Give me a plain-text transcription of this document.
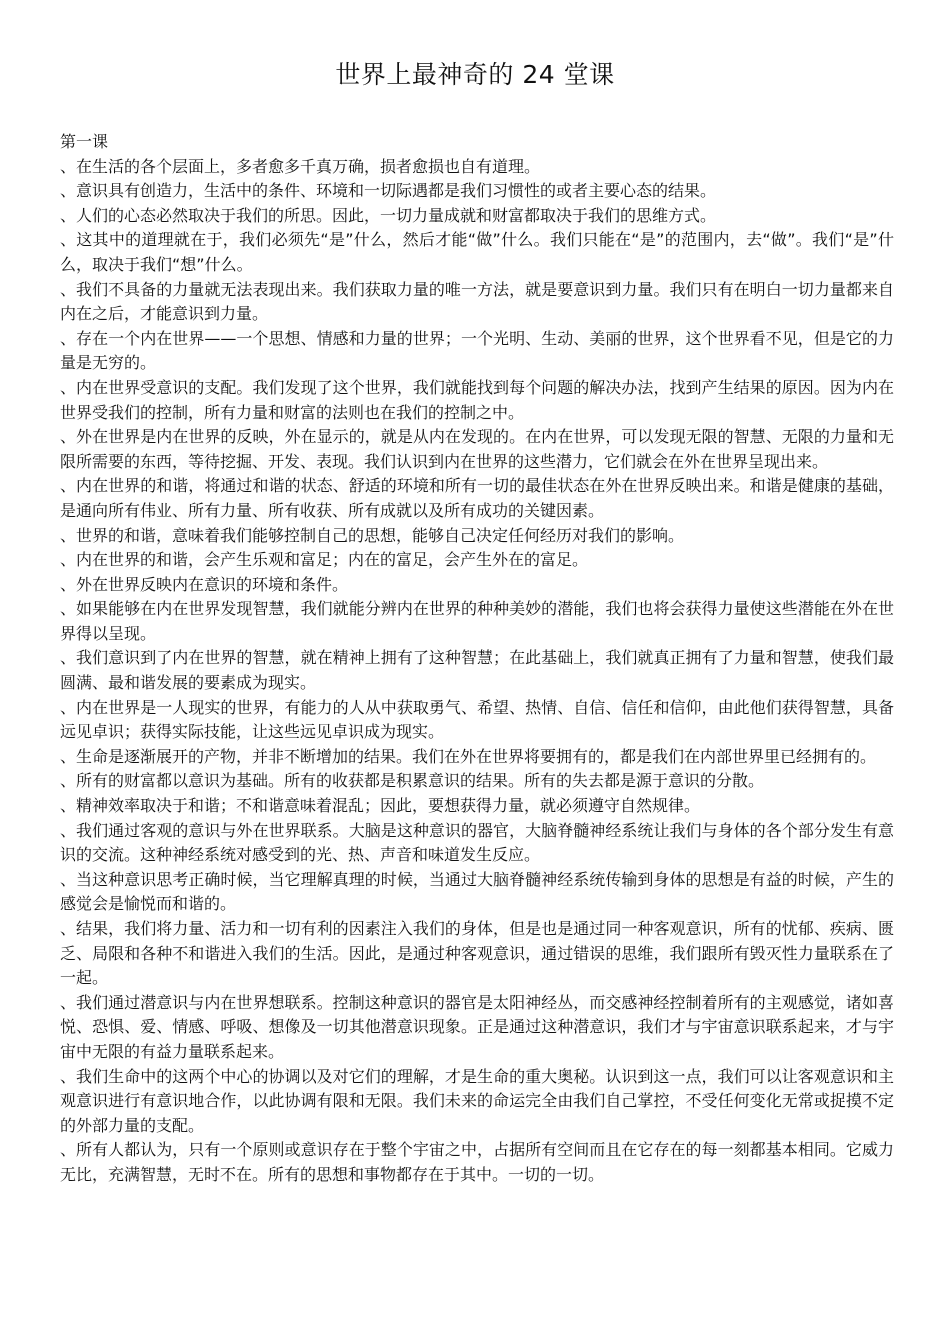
世界上最神奇的 24 堂课
第一课

、在生活的各个层面上，多者愈多千真万确，损者愈损也自有道理。

、意识具有创造力，生活中的条件、环境和一切际遇都是我们习惯性的或者主要心态的结果。

、人们的心态必然取决于我们的所思。因此，一切力量成就和财富都取决于我们的思维方式。

、这其中的道理就在于，我们必须先“是”什么，然后才能“做”什么。我们只能在“是”的范围内，去“做”。我们“是”什么，取决于我们“想”什么。

、我们不具备的力量就无法表现出来。我们获取力量的唯一方法，就是要意识到力量。我们只有在明白一切力量都来自内在之后，才能意识到力量。

、存在一个内在世界——一个思想、情感和力量的世界；一个光明、生动、美丽的世界，这个世界看不见，但是它的力量是无穷的。

、内在世界受意识的支配。我们发现了这个世界，我们就能找到每个问题的解决办法，找到产生结果的原因。因为内在世界受我们的控制，所有力量和财富的法则也在我们的控制之中。

、外在世界是内在世界的反映，外在显示的，就是从内在发现的。在内在世界，可以发现无限的智慧、无限的力量和无限所需要的东西，等待挖掘、开发、表现。我们认识到内在世界的这些潜力，它们就会在外在世界呈现出来。

、内在世界的和谐，将通过和谐的状态、舒适的环境和所有一切的最佳状态在外在世界反映出来。和谐是健康的基础，是通向所有伟业、所有力量、所有收获、所有成就以及所有成功的关键因素。

、世界的和谐，意味着我们能够控制自己的思想，能够自己决定任何经历对我们的影响。

、内在世界的和谐，会产生乐观和富足；内在的富足，会产生外在的富足。

、外在世界反映内在意识的环境和条件。

、如果能够在内在世界发现智慧，我们就能分辨内在世界的种种美妙的潜能，我们也将会获得力量使这些潜能在外在世界得以呈现。

、我们意识到了内在世界的智慧，就在精神上拥有了这种智慧；在此基础上，我们就真正拥有了力量和智慧，使我们最圆满、最和谐发展的要素成为现实。

、内在世界是一人现实的世界，有能力的人从中获取勇气、希望、热情、自信、信任和信仰，由此他们获得智慧，具备远见卓识；获得实际技能，让这些远见卓识成为现实。

、生命是逐渐展开的产物，并非不断增加的结果。我们在外在世界将要拥有的，都是我们在内部世界里已经拥有的。

、所有的财富都以意识为基础。所有的收获都是积累意识的结果。所有的失去都是源于意识的分散。

、精神效率取决于和谐；不和谐意味着混乱；因此，要想获得力量，就必须遵守自然规律。

、我们通过客观的意识与外在世界联系。大脑是这种意识的器官，大脑脊髓神经系统让我们与身体的各个部分发生有意识的交流。这种神经系统对感受到的光、热、声音和味道发生反应。

、当这种意识思考正确时候，当它理解真理的时候，当通过大脑脊髓神经系统传输到身体的思想是有益的时候，产生的感觉会是愉悦而和谐的。

、结果，我们将力量、活力和一切有利的因素注入我们的身体，但是也是通过同一种客观意识，所有的忧郁、疾病、匮乏、局限和各种不和谐进入我们的生活。因此，是通过种客观意识，通过错误的思维，我们跟所有毁灭性力量联系在了一起。

、我们通过潜意识与内在世界想联系。控制这种意识的器官是太阳神经丛，而交感神经控制着所有的主观感觉，诸如喜悦、恐惧、爱、情感、呼吸、想像及一切其他潜意识现象。正是通过这种潜意识，我们才与宇宙意识联系起来，才与宇宙中无限的有益力量联系起来。

、我们生命中的这两个中心的协调以及对它们的理解，才是生命的重大奥秘。认识到这一点，我们可以让客观意识和主观意识进行有意识地合作，以此协调有限和无限。我们未来的命运完全由我们自己掌控，不受任何变化无常或捉摸不定的外部力量的支配。

、所有人都认为，只有一个原则或意识存在于整个宇宙之中，占据所有空间而且在它存在的每一刻都基本相同。它威力无比，充满智慧，无时不在。所有的思想和事物都存在于其中。一切的一切。
